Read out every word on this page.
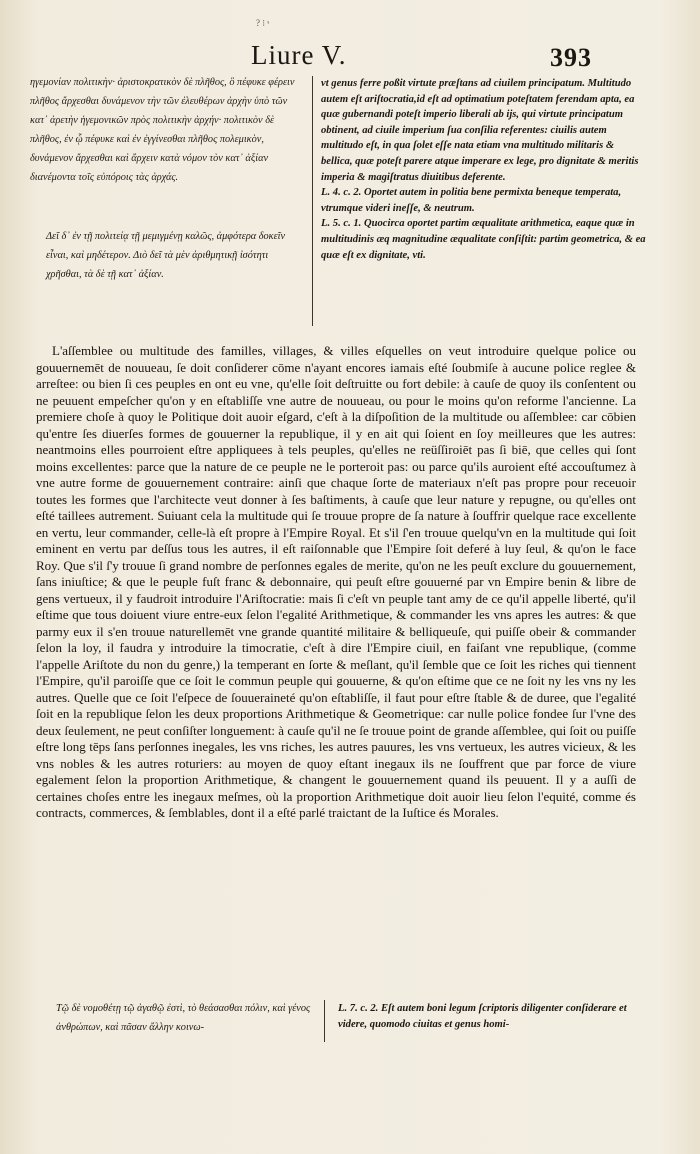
? ⁝ ˢ
Liure V.	393
ηγεμονίαν πολιτικὴν· ἀριστοκρατικὸν δὲ πλῆθος, ὃ πέφυκε φέρειν πλῆθος ἄρχεσθαι δυνάμενον τὴν τῶν ἐλευθέρων ἀρχὴν ὑπὸ τῶν κατ᾽ ἀρετὴν ἡγεμονικῶν πρὸς πολιτικὴν ἀρχήν· πολιτικὸν δὲ πλῆθος, ἐν ᾧ πέφυκε καὶ ἐν ἐγγίνεσθαι πλῆθος πολεμικὸν, δυνάμενον ἄρχεσθαι καὶ ἄρχειν κατὰ νόμον τὸν κατ᾽ ἀξίαν διανέμοντα τοῖς εὐπόροις τὰς ἀρχάς.
Δεῖ δ᾽ ἐν τῇ πολιτείᾳ τῇ μεμιγμένῃ καλῶς, ἀμφότερα δοκεῖν εἶναι, καὶ μηδέτερον. Διὸ δεῖ τὰ μὲν ἀριθμητικῇ ἰσότητι χρῆσθαι, τὰ δὲ τῇ κατ᾽ ἀξίαν.

vt genus ferre poßit virtute præſtans ad ciuilem principatum. Multitudo autem eſt ariſtocratia,id eſt ad optimatium poteſtatem ferendam apta, ea quæ gubernandi poteſt imperio liberali ab ijs, qui virtute principatum obtinent, ad ciuile imperium ſua conſilia referentes: ciuilis autem multitudo eſt, in qua ſolet eſſe nata etiam vna multitudo militaris & bellica, quæ poteſt parere atque imperare ex lege, pro dignitate & meritis imperia & magiſtratus diuitibus deferente.

L. 4. c. 2. Oportet autem in politia bene permixta beneque temperata, vtrumque videri ineſſe, & neutrum.

L. 5. c. 1. Quocirca oportet partim æqualitate arithmetica, eaque quæ in multitudinis æq magnitudine æqualitate conſiſtit: partim geometrica, & ea quæ eſt ex dignitate, vti.

L'aſſemblee ou multitude des familles, villages, & villes eſquelles on veut introduire quelque police ou gouuernemēt de nouueau, ſe doit conſiderer cōme n'ayant encores iamais eſté ſoubmiſe à aucune police reglee & arreſtee: ou bien ſi ces peuples en ont eu vne, qu'elle ſoit deſtruitte ou fort debile: à cauſe de quoy ils conſentent ou ne peuuent empeſcher qu'on y en eſtabliſſe vne autre de nouueau, ou pour le moins qu'on reforme l'ancienne. La premiere choſe à quoy le Politique doit auoir eſgard, c'eſt à la diſpoſition de la multitude ou aſſemblee: car cōbien qu'entre ſes diuerſes formes de gouuerner la republique, il y en ait qui ſoient en ſoy meilleures que les autres: neantmoins elles pourroient eſtre appliquees à tels peuples, qu'elles ne reüſſiroiēt pas ſi biē, que celles qui ſont moins excellentes: parce que la nature de ce peuple ne le porteroit pas: ou parce qu'ils auroient eſté accouſtumez à vne autre forme de gouuernement contraire: ainſi que chaque ſorte de materiaux n'eſt pas propre pour receuoir toutes les formes que l'architecte veut donner à ſes baſtiments, à cauſe que leur nature y repugne, ou qu'elles ont eſté taillees autrement. Suiuant cela la multitude qui ſe trouue propre de ſa nature à ſouffrir quelque race excellente en vertu, leur commander, celle-là eſt propre à l'Empire Royal. Et s'il ſ'en trouue quelqu'vn en la multitude qui ſoit eminent en vertu par deſſus tous les autres, il eſt raiſonnable que l'Empire ſoit deferé à luy ſeul, & qu'on le face Roy. Que s'il ſ'y trouue ſi grand nombre de perſonnes egales de merite, qu'on ne les peuſt exclure du gouuernement, ſans iniuſtice; & que le peuple fuſt franc & debonnaire, qui peuſt eſtre gouuerné par vn Empire benin & libre de gens vertueux, il y faudroit introduire l'Ariſtocratie: mais ſi c'eſt vn peuple tant amy de ce qu'il appelle liberté, qu'il eſtime que tous doiuent viure entre-eux ſelon l'egalité Arithmetique, & commander les vns apres les autres: & que parmy eux il s'en trouue naturellemēt vne grande quantité militaire & belliqueuſe, qui puiſſe obeir & commander ſelon la loy, il faudra y introduire la timocratie, c'eſt à dire l'Empire ciuil, en faiſant vne republique, (comme l'appelle Ariſtote du non du genre,) la temperant en ſorte & meſlant, qu'il ſemble que ce ſoit les riches qui tiennent l'Empire, qu'il paroiſſe que ce ſoit le commun peuple qui gouuerne, & qu'on eſtime que ce ne ſoit ny les vns ny les autres. Quelle que ce ſoit l'eſpece de ſouueraineté qu'on eſtabliſſe, il faut pour eſtre ſtable & de duree, que l'egalité ſoit en la republique ſelon les deux proportions Arithmetique & Geometrique: car nulle police fondee ſur l'vne des deux ſeulement, ne peut conſiſter longuement: à cauſe qu'il ne ſe trouue point de grande aſſemblee, qui ſoit ou puiſſe eſtre long tēps ſans perſonnes inegales, les vns riches, les autres pauures, les vns vertueux, les autres vicieux, & les vns nobles & les autres roturiers: au moyen de quoy eſtant inegaux ils ne ſouffrent que par force de viure egalement ſelon la proportion Arithmetique, & changent le gouuernement quand ils peuuent. Il y a auſſi de certaines choſes entre les inegaux meſmes, où la proportion Arithmetique doit auoir lieu ſelon l'equité, comme és contracts, commerces, & ſemblables, dont il a eſté parlé traictant de la Iuſtice és Morales.

Τῷ δὲ νομοθέτῃ τῷ ἀγαθῷ ἐστὶ, τὸ θεάσασθαι πόλιν, καὶ γένος ἀνθρώπων, καὶ πᾶσαν ἄλλην κοινω-
L. 7. c. 2. Eſt autem boni legum ſcriptoris diligenter conſiderare et videre, quomodo ciuitas et genus homi-
